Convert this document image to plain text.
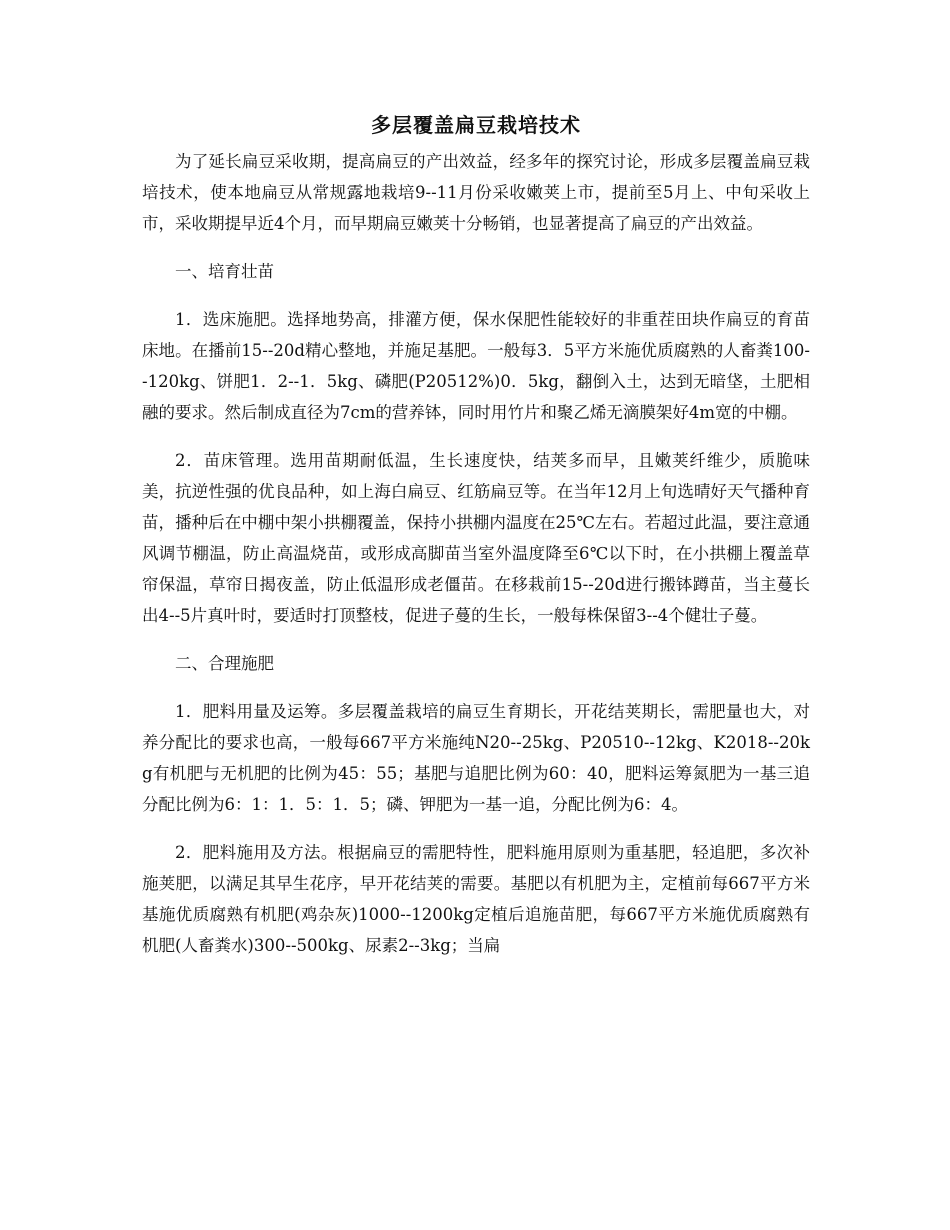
多层覆盖扁豆栽培技术

为了延长扁豆采收期，提高扁豆的产出效益，经多年的探究讨论，形成多层覆盖扁豆栽培技术，使本地扁豆从常规露地栽培9--11月份采收嫩荚上市，提前至5月上、中旬采收上市，采收期提早近4个月，而早期扁豆嫩荚十分畅销，也显著提高了扁豆的产出效益。

一、培育壮苗

1．选床施肥。选择地势高，排灌方便，保水保肥性能较好的非重茬田块作扁豆的育苗床地。在播前15--20d精心整地，并施足基肥。一般每3．5平方米施优质腐熟的人畜粪100--120kg、饼肥1．2--1．5kg、磷肥(P20512%)0．5kg，翻倒入土，达到无暗垡，土肥相融的要求。然后制成直径为7cm的营养钵，同时用竹片和聚乙烯无滴膜架好4m宽的中棚。

2．苗床管理。选用苗期耐低温，生长速度快，结荚多而早，且嫩荚纤维少，质脆味美，抗逆性强的优良品种，如上海白扁豆、红筋扁豆等。在当年12月上旬选晴好天气播种育苗，播种后在中棚中架小拱棚覆盖，保持小拱棚内温度在25℃左右。若超过此温，要注意通风调节棚温，防止高温烧苗，或形成高脚苗当室外温度降至6℃以下时，在小拱棚上覆盖草帘保温，草帘日揭夜盖，防止低温形成老僵苗。在移栽前15--20d进行搬钵蹲苗，当主蔓长出4--5片真叶时，要适时打顶整枝，促进子蔓的生长，一般每株保留3--4个健壮子蔓。

二、合理施肥

1．肥料用量及运筹。多层覆盖栽培的扁豆生育期长，开花结荚期长，需肥量也大，对养分配比的要求也高，一般每667平方米施纯N20--25kg、P20510--12kg、K2018--20kg有机肥与无机肥的比例为45：55；基肥与追肥比例为60：40，肥料运筹氮肥为一基三追分配比例为6：1：1．5：1．5；磷、钾肥为一基一追，分配比例为6：4。

2．肥料施用及方法。根据扁豆的需肥特性，肥料施用原则为重基肥，轻追肥，多次补施荚肥，以满足其早生花序，早开花结荚的需要。基肥以有机肥为主，定植前每667平方米基施优质腐熟有机肥(鸡杂灰)1000--1200kg定植后追施苗肥，每667平方米施优质腐熟有机肥(人畜粪水)300--500kg、尿素2--3kg；当扁
